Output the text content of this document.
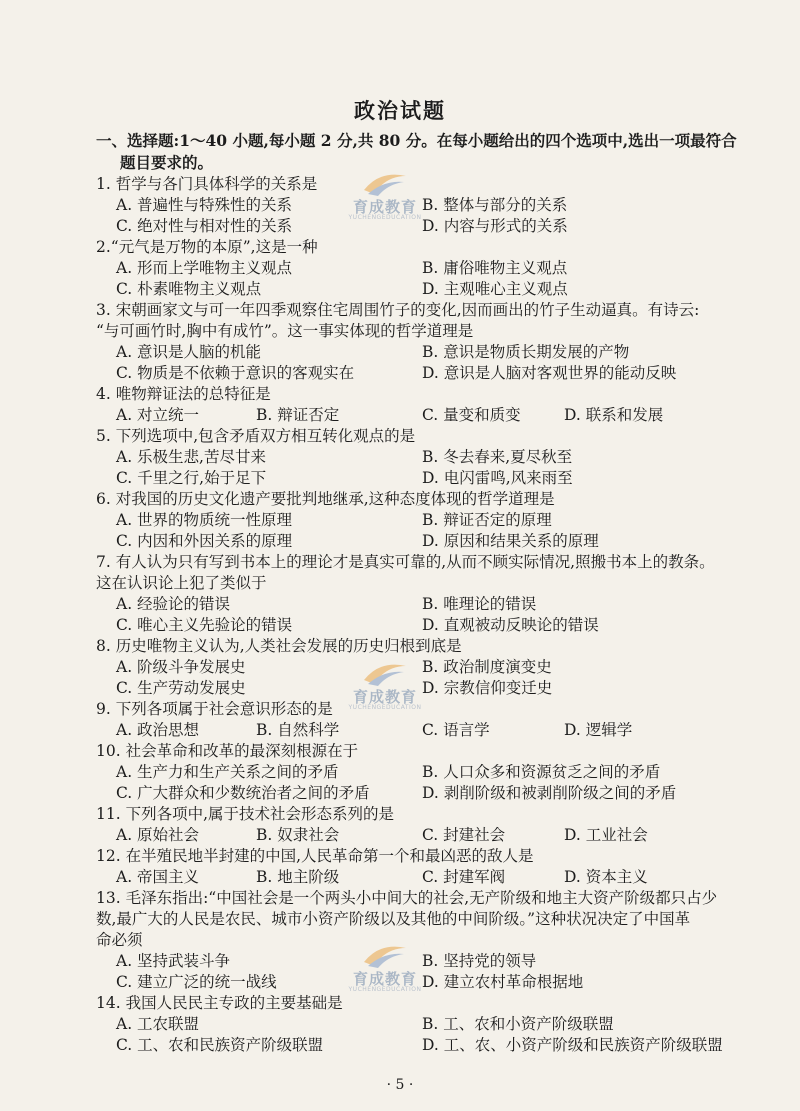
政治试题
一、选择题:1～40 小题,每小题 2 分,共 80 分。在每小题给出的四个选项中,选出一项最符合
题目要求的。
1. 哲学与各门具体科学的关系是
A. 普遍性与特殊性的关系	B. 整体与部分的关系
C. 绝对性与相对性的关系	D. 内容与形式的关系
2.“元气是万物的本原”,这是一种
A. 形而上学唯物主义观点	B. 庸俗唯物主义观点
C. 朴素唯物主义观点	D. 主观唯心主义观点
3. 宋朝画家文与可一年四季观察住宅周围竹子的变化,因而画出的竹子生动逼真。有诗云:
“与可画竹时,胸中有成竹”。这一事实体现的哲学道理是
A. 意识是人脑的机能	B. 意识是物质长期发展的产物
C. 物质是不依赖于意识的客观实在	D. 意识是人脑对客观世界的能动反映
4. 唯物辩证法的总特征是
A. 对立统一	B. 辩证否定	C. 量变和质变	D. 联系和发展
5. 下列选项中,包含矛盾双方相互转化观点的是
A. 乐极生悲,苦尽甘来	B. 冬去春来,夏尽秋至
C. 千里之行,始于足下	D. 电闪雷鸣,风来雨至
6. 对我国的历史文化遗产要批判地继承,这种态度体现的哲学道理是
A. 世界的物质统一性原理	B. 辩证否定的原理
C. 内因和外因关系的原理	D. 原因和结果关系的原理
7. 有人认为只有写到书本上的理论才是真实可靠的,从而不顾实际情况,照搬书本上的教条。
这在认识论上犯了类似于
A. 经验论的错误	B. 唯理论的错误
C. 唯心主义先验论的错误	D. 直观被动反映论的错误
8. 历史唯物主义认为,人类社会发展的历史归根到底是
A. 阶级斗争发展史	B. 政治制度演变史
C. 生产劳动发展史	D. 宗教信仰变迁史
9. 下列各项属于社会意识形态的是
A. 政治思想	B. 自然科学	C. 语言学	D. 逻辑学
10. 社会革命和改革的最深刻根源在于
A. 生产力和生产关系之间的矛盾	B. 人口众多和资源贫乏之间的矛盾
C. 广大群众和少数统治者之间的矛盾	D. 剥削阶级和被剥削阶级之间的矛盾
11. 下列各项中,属于技术社会形态系列的是
A. 原始社会	B. 奴隶社会	C. 封建社会	D. 工业社会
12. 在半殖民地半封建的中国,人民革命第一个和最凶恶的敌人是
A. 帝国主义	B. 地主阶级	C. 封建军阀	D. 资本主义
13. 毛泽东指出:“中国社会是一个两头小中间大的社会,无产阶级和地主大资产阶级都只占少
数,最广大的人民是农民、城市小资产阶级以及其他的中间阶级。”这种状况决定了中国革
命必须
A. 坚持武装斗争	B. 坚持党的领导
C. 建立广泛的统一战线	D. 建立农村革命根据地
14. 我国人民民主专政的主要基础是
A. 工农联盟	B. 工、农和小资产阶级联盟
C. 工、农和民族资产阶级联盟	D. 工、农、小资产阶级和民族资产阶级联盟
育成教育
YUCHENGEDUCATION
育成教育
YUCHENGEDUCATION
育成教育
YUCHENGEDUCATION
· 5 ·
